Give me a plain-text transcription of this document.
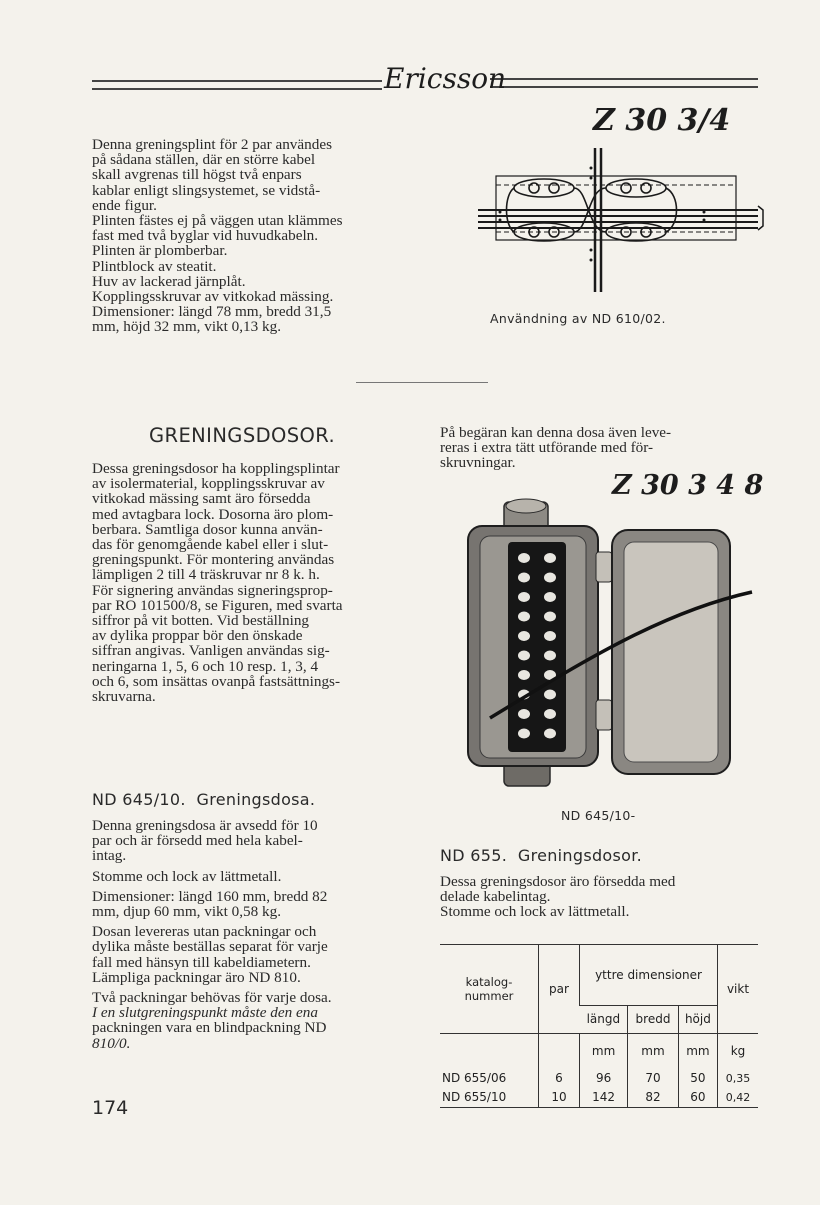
Ericsson
Z 30 3/4

Denna greningsplint för 2 par användes

på sådana ställen, där en större kabel

skall avgrenas till högst två enpars

kablar enligt slingsystemet, se vidstå-

ende figur.

Plinten fästes ej på väggen utan klämmes

fast med två byglar vid huvudkabeln.

Plinten är plomberbar.

Plintblock av steatit.

Huv av lackerad järnplåt.

Kopplingsskruvar av vitkokad mässing.

Dimensioner: längd 78 mm, bredd 31,5

mm, höjd 32 mm, vikt 0,13 kg.	Användning av ND 610/02.
GRENINGSDOSOR.

Dessa greningsdosor ha kopplingsplintar

av isolermaterial, kopplingsskruvar av

vitkokad mässing samt äro försedda

med avtagbara lock. Dosorna äro plom-

berbara. Samtliga dosor kunna använ-

das för genomgående kabel eller i slut-

greningspunkt. För montering användas

lämpligen 2 till 4 träskruvar nr 8 k. h.

För signering användas signeringsprop-

par RO 101500/8, se Figuren, med svarta

siffror på vit botten. Vid beställning

av dylika proppar bör den önskade

siffran angivas. Vanligen användas sig-

neringarna 1, 5, 6 och 10 resp. 1, 3, 4

och 6, som insättas ovanpå fastsättnings-

skruvarna.

På begäran kan denna dosa även leve-

reras i extra tätt utförande med för-

skruvningar.

Z 30 3 4 8
ND 645/10-
ND 645/10.  Greningsdosa.

Denna greningsdosa är avsedd för 10

par och är försedd med hela kabel-

intag.

Stomme och lock av lättmetall.

Dimensioner: längd 160 mm, bredd 82

mm, djup 60 mm, vikt 0,58 kg.

Dosan levereras utan packningar och

dylika måste beställas separat för varje

fall med hänsyn till kabeldiametern.

Lämpliga packningar äro ND 810.

Två packningar behövas för varje dosa.

I en slutgreningspunkt måste den ena

packningen vara en blindpackning ND

810/0.

ND 655.  Greningsdosor.

Dessa greningsdosor äro försedda med

delade kabelintag.

Stomme och lock av lättmetall.

katalog-nummer	par	yttre dimensioner			vikt
		längd	bredd	höjd	
		mm	mm	mm	kg
ND 655/06	6	96	70	50	0,35
ND 655/10	10	142	82	60	0,42
174
